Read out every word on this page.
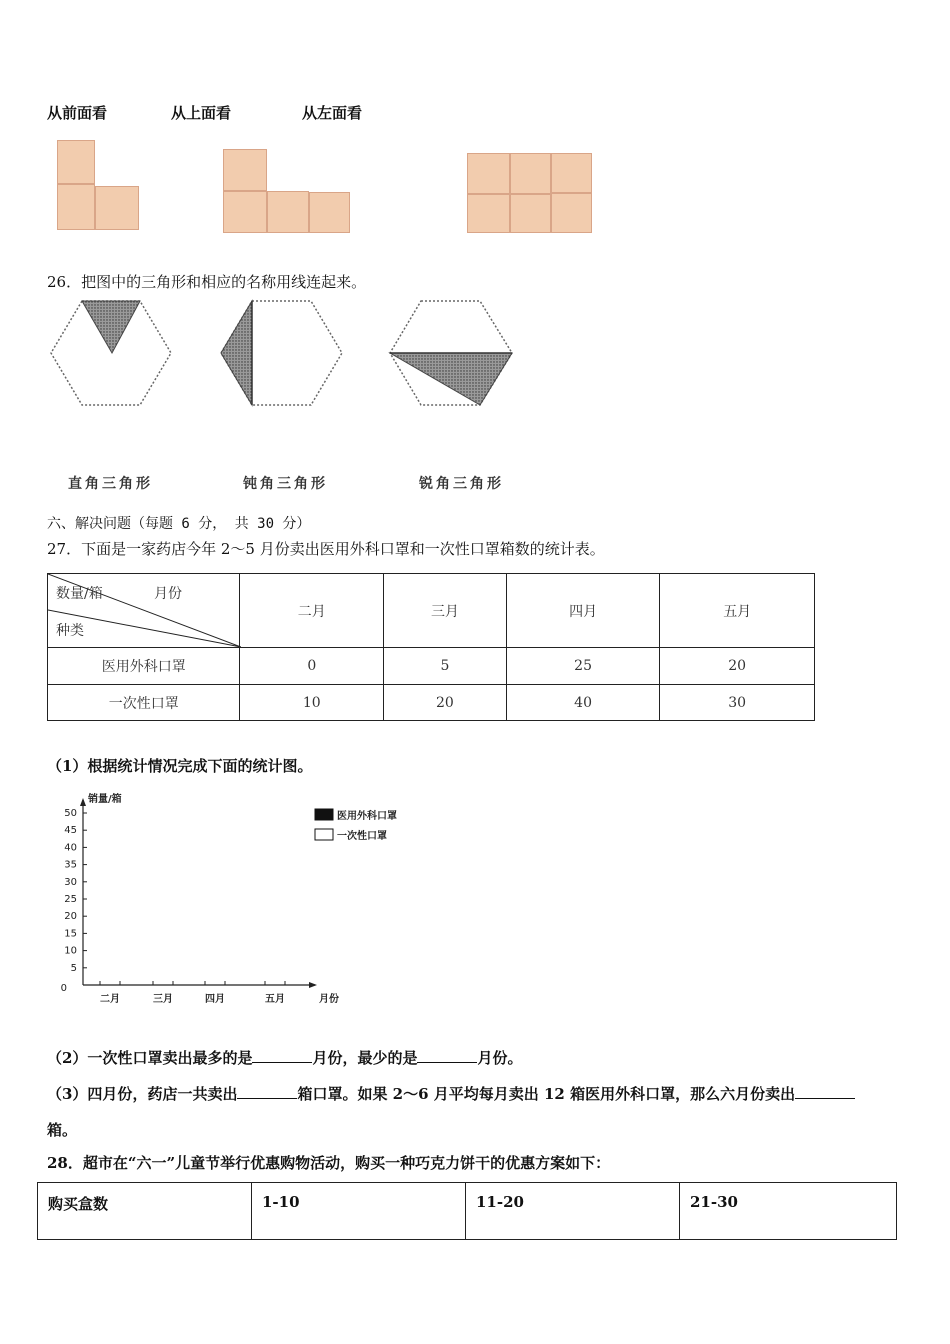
从前面看	从上面看	从左面看
26．把图中的三角形和相应的名称用线连起来。
直角三角形	钝角三角形	锐角三角形
六、解决问题（每题 6 分， 共 30 分）
27．下面是一家药店今年 2～5 月份卖出医用外科口罩和一次性口罩箱数的统计表。
数量/箱 月份
种类	二月	三月	四月	五月
医用外科口罩	0	5	25	20
一次性口罩	10	20	40	30
（1）根据统计情况完成下面的统计图。
销量/箱
0
5
10
15
20
25
30
35
40
45
50
二月	三月	四月	五月	月份
医用外科口罩
一次性口罩
（2）一次性口罩卖出最多的是	月份，最少的是	月份。
（3）四月份，药店一共卖出	箱口罩。如果 2～6 月平均每月卖出 12 箱医用外科口罩，那么六月份卖出
箱。
28．超市在“六一”儿童节举行优惠购物活动，购买一种巧克力饼干的优惠方案如下：
购买盒数	1-10	11-20	21-30
